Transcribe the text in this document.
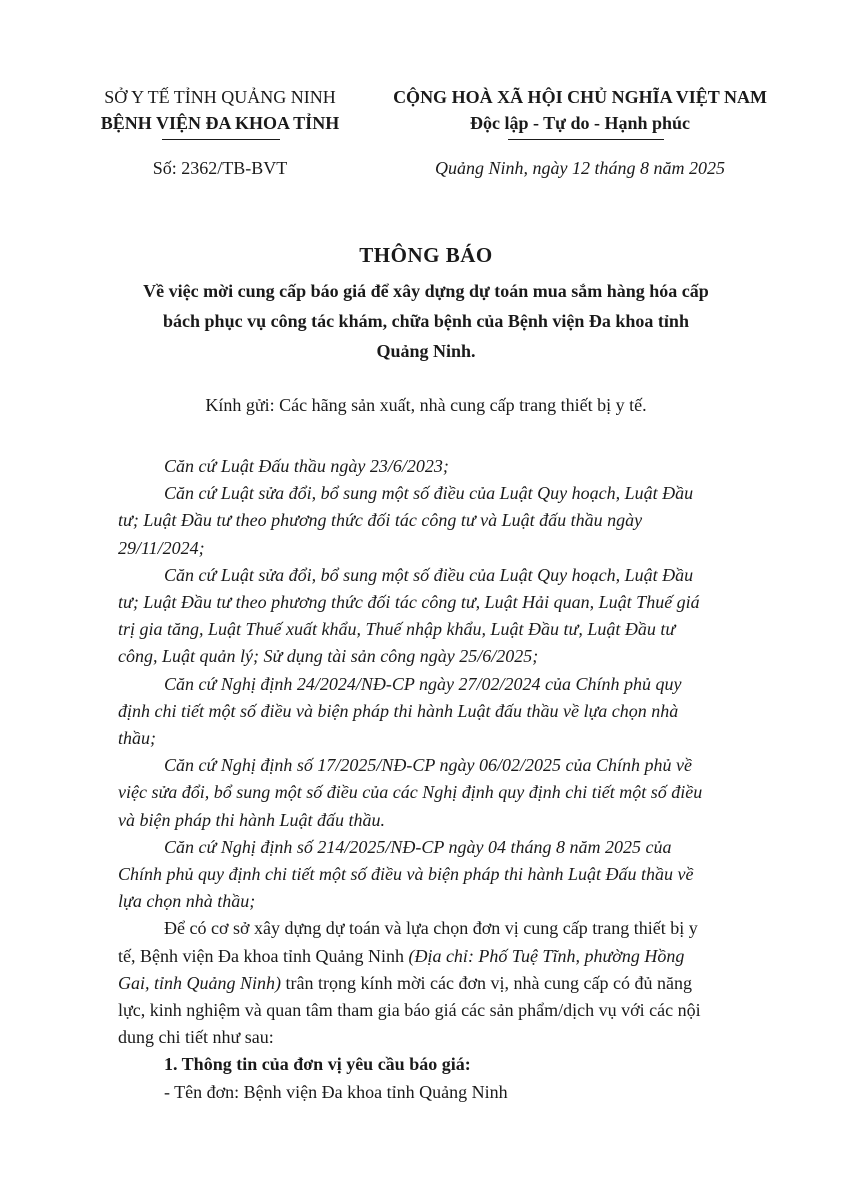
SỞ Y TẾ TỈNH QUẢNG NINH
BỆNH VIỆN ĐA KHOA TỈNH
CỘNG HOÀ XÃ HỘI CHỦ NGHĨA VIỆT NAM
Độc lập - Tự do - Hạnh phúc
Số: 2362/TB-BVT	Quảng Ninh, ngày 12 tháng 8 năm 2025
THÔNG BÁO
Về việc mời cung cấp báo giá để xây dựng dự toán mua sắm hàng hóa cấp
bách phục vụ công tác khám, chữa bệnh của Bệnh viện Đa khoa tỉnh
Quảng Ninh.
Kính gửi: Các hãng sản xuất, nhà cung cấp trang thiết bị y tế.
Căn cứ Luật Đấu thầu ngày 23/6/2023;
Căn cứ Luật sửa đổi, bổ sung một số điều của Luật Quy hoạch, Luật Đầu
tư; Luật Đầu tư theo phương thức đối tác công tư và Luật đấu thầu ngày
29/11/2024;
Căn cứ Luật sửa đổi, bổ sung một số điều của Luật Quy hoạch, Luật Đầu
tư; Luật Đầu tư theo phương thức đối tác công tư, Luật Hải quan, Luật Thuế giá
trị gia tăng, Luật Thuế xuất khẩu, Thuế nhập khẩu, Luật Đầu tư, Luật Đầu tư
công, Luật quản lý; Sử dụng tài sản công ngày 25/6/2025;
Căn cứ Nghị định 24/2024/NĐ-CP ngày 27/02/2024 của Chính phủ quy
định chi tiết một số điều và biện pháp thi hành Luật đấu thầu về lựa chọn nhà
thầu;
Căn cứ Nghị định số 17/2025/NĐ-CP ngày 06/02/2025 của Chính phủ về
việc sửa đổi, bổ sung một số điều của các Nghị định quy định chi tiết một số điều
và biện pháp thi hành Luật đấu thầu.
Căn cứ Nghị định số 214/2025/NĐ-CP ngày 04 tháng 8 năm 2025 của
Chính phủ quy định chi tiết một số điều và biện pháp thi hành Luật Đấu thầu về
lựa chọn nhà thầu;
Để có cơ sở xây dựng dự toán và lựa chọn đơn vị cung cấp trang thiết bị y
tế, Bệnh viện Đa khoa tỉnh Quảng Ninh (Địa chỉ: Phố Tuệ Tĩnh, phường Hồng
Gai, tỉnh Quảng Ninh) trân trọng kính mời các đơn vị, nhà cung cấp có đủ năng
lực, kinh nghiệm và quan tâm tham gia báo giá các sản phẩm/dịch vụ với các nội
dung chi tiết như sau:
1. Thông tin của đơn vị yêu cầu báo giá:
- Tên đơn: Bệnh viện Đa khoa tỉnh Quảng Ninh
